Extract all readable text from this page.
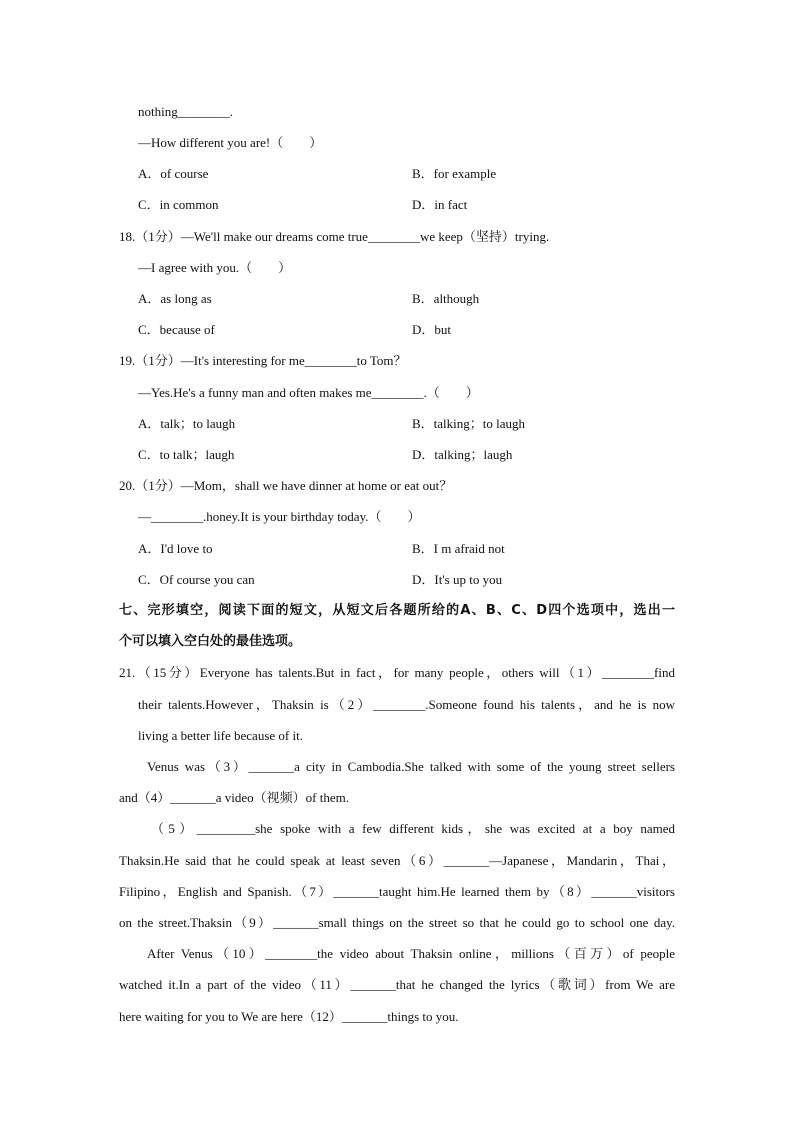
nothing________.
—How different you are!（　　）
A．of course	B．for example
C．in common	D．in fact
18.（1分）—We'll make our dreams come true________we keep（坚持）trying.
—I agree with you.（　　）
A．as long as	B．although
C．because of	D．but
19.（1分）—It's interesting for me________to Tom？
—Yes.He's a funny man and often makes me________.（　　）
A．talk；to laugh	B．talking；to laugh
C．to talk；laugh	D．talking；laugh
20.（1分）—Mom，shall we have dinner at home or eat out？
—________.honey.It is your birthday today.（　　）
A．I'd love to	B．I m afraid not
C．Of course you can	D．It's up to you
七、完形填空，阅读下面的短文，从短文后各题所给的A、B、C、D四个选项中，选出一
个可以填入空白处的最佳选项。
21.（15分）Everyone has talents.But in fact，for many people，others will（1）________find
their talents.However，Thaksin is（2）________.Someone found his talents，and he is now
living a better life because of it.
Venus was（3）_______a city in Cambodia.She talked with some of the young street sellers
and（4）_______a video（视频）of them.
（5）_________she spoke with a few different kids，she was excited at a boy named
Thaksin.He said that he could speak at least seven（6）_______—Japanese，Mandarin，Thai，
Filipino，English and Spanish.（7）_______taught him.He learned them by（8）_______visitors
on the street.Thaksin（9）_______small things on the street so that he could go to school one day.
After Venus（10）________the video about Thaksin online，millions（百万）of people
watched it.In a part of the video（11）_______that he changed the lyrics（歌词）from We are
here waiting for you to We are here（12）_______things to you.
